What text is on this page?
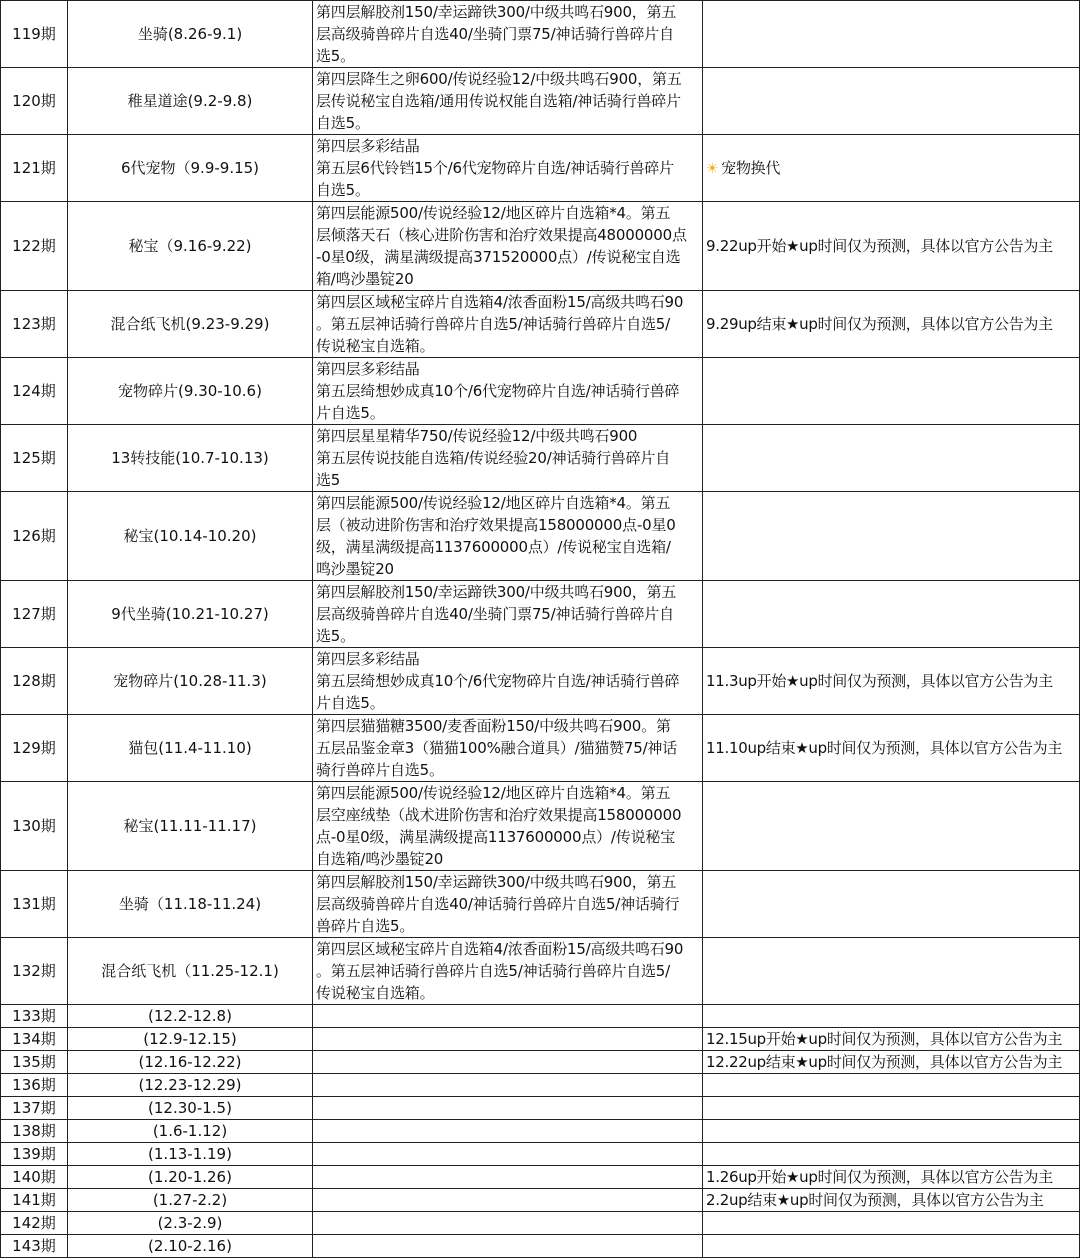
119期	坐骑(8.26-9.1)	第四层解胶剂150/幸运蹄铁300/中级共鸣石900，第五
层高级骑兽碎片自选40/坐骑门票75/神话骑行兽碎片自
选5。	
120期	稚星道途(9.2-9.8)	第四层降生之卵600/传说经验12/中级共鸣石900，第五
层传说秘宝自选箱/通用传说权能自选箱/神话骑行兽碎片
自选5。	
121期	6代宠物（9.9-9.15)	第四层多彩结晶
第五层6代铃铛15个/6代宠物碎片自选/神话骑行兽碎片
自选5。	☀ 宠物换代
122期	秘宝（9.16-9.22)	第四层能源500/传说经验12/地区碎片自选箱*4。第五
层倾落天石（核心进阶伤害和治疗效果提高48000000点
-0星0级，满星满级提高371520000点）/传说秘宝自选
箱/鸣沙墨锭20	9.22up开始★up时间仅为预测，具体以官方公告为主
123期	混合纸飞机(9.23-9.29)	第四层区域秘宝碎片自选箱4/浓香面粉15/高级共鸣石90
。第五层神话骑行兽碎片自选5/神话骑行兽碎片自选5/
传说秘宝自选箱。	9.29up结束★up时间仅为预测，具体以官方公告为主
124期	宠物碎片(9.30-10.6)	第四层多彩结晶
第五层绮想妙成真10个/6代宠物碎片自选/神话骑行兽碎
片自选5。	
125期	13转技能(10.7-10.13)	第四层星星精华750/传说经验12/中级共鸣石900
第五层传说技能自选箱/传说经验20/神话骑行兽碎片自
选5	
126期	秘宝(10.14-10.20)	第四层能源500/传说经验12/地区碎片自选箱*4。第五
层（被动进阶伤害和治疗效果提高158000000点-0星0
级，满星满级提高1137600000点）/传说秘宝自选箱/
鸣沙墨锭20	
127期	9代坐骑(10.21-10.27)	第四层解胶剂150/幸运蹄铁300/中级共鸣石900，第五
层高级骑兽碎片自选40/坐骑门票75/神话骑行兽碎片自
选5。	
128期	宠物碎片(10.28-11.3)	第四层多彩结晶
第五层绮想妙成真10个/6代宠物碎片自选/神话骑行兽碎
片自选5。	11.3up开始★up时间仅为预测，具体以官方公告为主
129期	猫包(11.4-11.10)	第四层猫猫糖3500/麦香面粉150/中级共鸣石900。第
五层品鉴金章3（猫猫100%融合道具）/猫猫赞75/神话
骑行兽碎片自选5。	11.10up结束★up时间仅为预测，具体以官方公告为主
130期	秘宝(11.11-11.17)	第四层能源500/传说经验12/地区碎片自选箱*4。第五
层空座绒垫（战术进阶伤害和治疗效果提高158000000
点-0星0级，满星满级提高1137600000点）/传说秘宝
自选箱/鸣沙墨锭20	
131期	坐骑（11.18-11.24)	第四层解胶剂150/幸运蹄铁300/中级共鸣石900，第五
层高级骑兽碎片自选40/神话骑行兽碎片自选5/神话骑行
兽碎片自选5。	
132期	混合纸飞机（11.25-12.1)	第四层区域秘宝碎片自选箱4/浓香面粉15/高级共鸣石90
。第五层神话骑行兽碎片自选5/神话骑行兽碎片自选5/
传说秘宝自选箱。	
133期	(12.2-12.8)		
134期	(12.9-12.15)		12.15up开始★up时间仅为预测，具体以官方公告为主
135期	(12.16-12.22)		12.22up结束★up时间仅为预测，具体以官方公告为主
136期	(12.23-12.29)		
137期	(12.30-1.5)		
138期	(1.6-1.12)		
139期	(1.13-1.19)		
140期	(1.20-1.26)		1.26up开始★up时间仅为预测，具体以官方公告为主
141期	(1.27-2.2)		2.2up结束★up时间仅为预测，具体以官方公告为主
142期	(2.3-2.9)		
143期	(2.10-2.16)		
